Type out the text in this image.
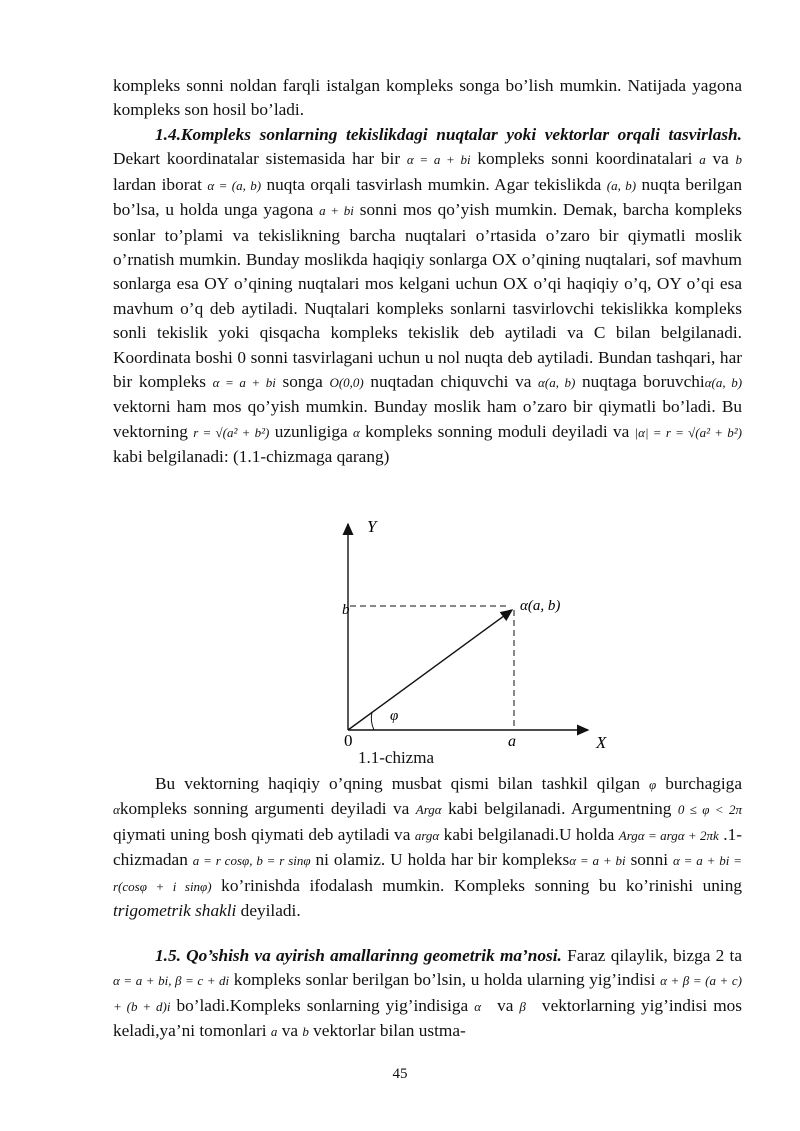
kompleks sonni noldan farqli istalgan kompleks songa bo’lish mumkin. Natijada yagona kompleks son hosil bo’ladi.

1.4.Kompleks sonlarning tekislikdagi nuqtalar yoki vektorlar orqali tasvirlash. Dekart koordinatalar sistemasida har bir α = a + bi kompleks sonni koordinatalari a va b lardan iborat α = (a, b) nuqta orqali tasvirlash mumkin. Agar tekislikda (a, b) nuqta berilgan bo’lsa, u holda unga yagona a + bi sonni mos qo’yish mumkin. Demak, barcha kompleks sonlar to’plami va tekislikning barcha nuqtalari o’rtasida o’zaro bir qiymatli moslik o’rnatish mumkin. Bunday moslikda haqiqiy sonlarga OX o’qining nuqtalari, sof mavhum sonlarga esa OY o’qining nuqtalari mos kelgani uchun OX o’qi haqiqiy o’q, OY o’qi esa mavhum o’q deb aytiladi. Nuqtalari kompleks sonlarni tasvirlovchi tekislikka kompleks sonli tekislik yoki qisqacha kompleks tekislik deb aytiladi va C bilan belgilanadi. Koordinata boshi 0 sonni tasvirlagani uchun u nol nuqta deb aytiladi. Bundan tashqari, har bir kompleks α = a + bi songa O(0,0) nuqtadan chiquvchi va α(a, b) nuqtaga boruvchiα(a, b) vektorni ham mos qo’yish mumkin. Bunday moslik ham o’zaro bir qiymatli bo’ladi. Bu vektorning r = √(a² + b²) uzunligiga α kompleks sonning moduli deyiladi va |α| = r = √(a² + b²) kabi belgilanadi: (1.1-chizmaga qarang)

Y
X
0	a
b	α(a, b)
φ
1.1-chizma

Bu vektorning haqiqiy o’qning musbat qismi bilan tashkil qilgan φ burchagiga αkompleks sonning argumenti deyiladi va Argα kabi belgilanadi. Argumentning 0 ≤ φ < 2π qiymati uning bosh qiymati deb aytiladi va argα kabi belgilanadi.U holda Argα = argα + 2πk .1-chizmadan a = r cosφ, b = r sinφ ni olamiz. U holda har bir kompleksα = a + bi sonni α = a + bi = r(cosφ + i sinφ) ko’rinishda ifodalash mumkin. Kompleks sonning bu ko’rinishi uning trigometrik shakli deyiladi.

1.5. Qo’shish va ayirish amallarinng geometrik ma’nosi. Faraz qilaylik, bizga 2 ta α = a + bi, β = c + di kompleks sonlar berilgan bo’lsin, u holda ularning yig’indisi α + β = (a + c) + (b + d)i bo’ladi.Kompleks sonlarning yig’indisiga α⃗ va β⃗ vektorlarning yig’indisi mos keladi,ya’ni tomonlari a va b vektorlar bilan ustma-

45
